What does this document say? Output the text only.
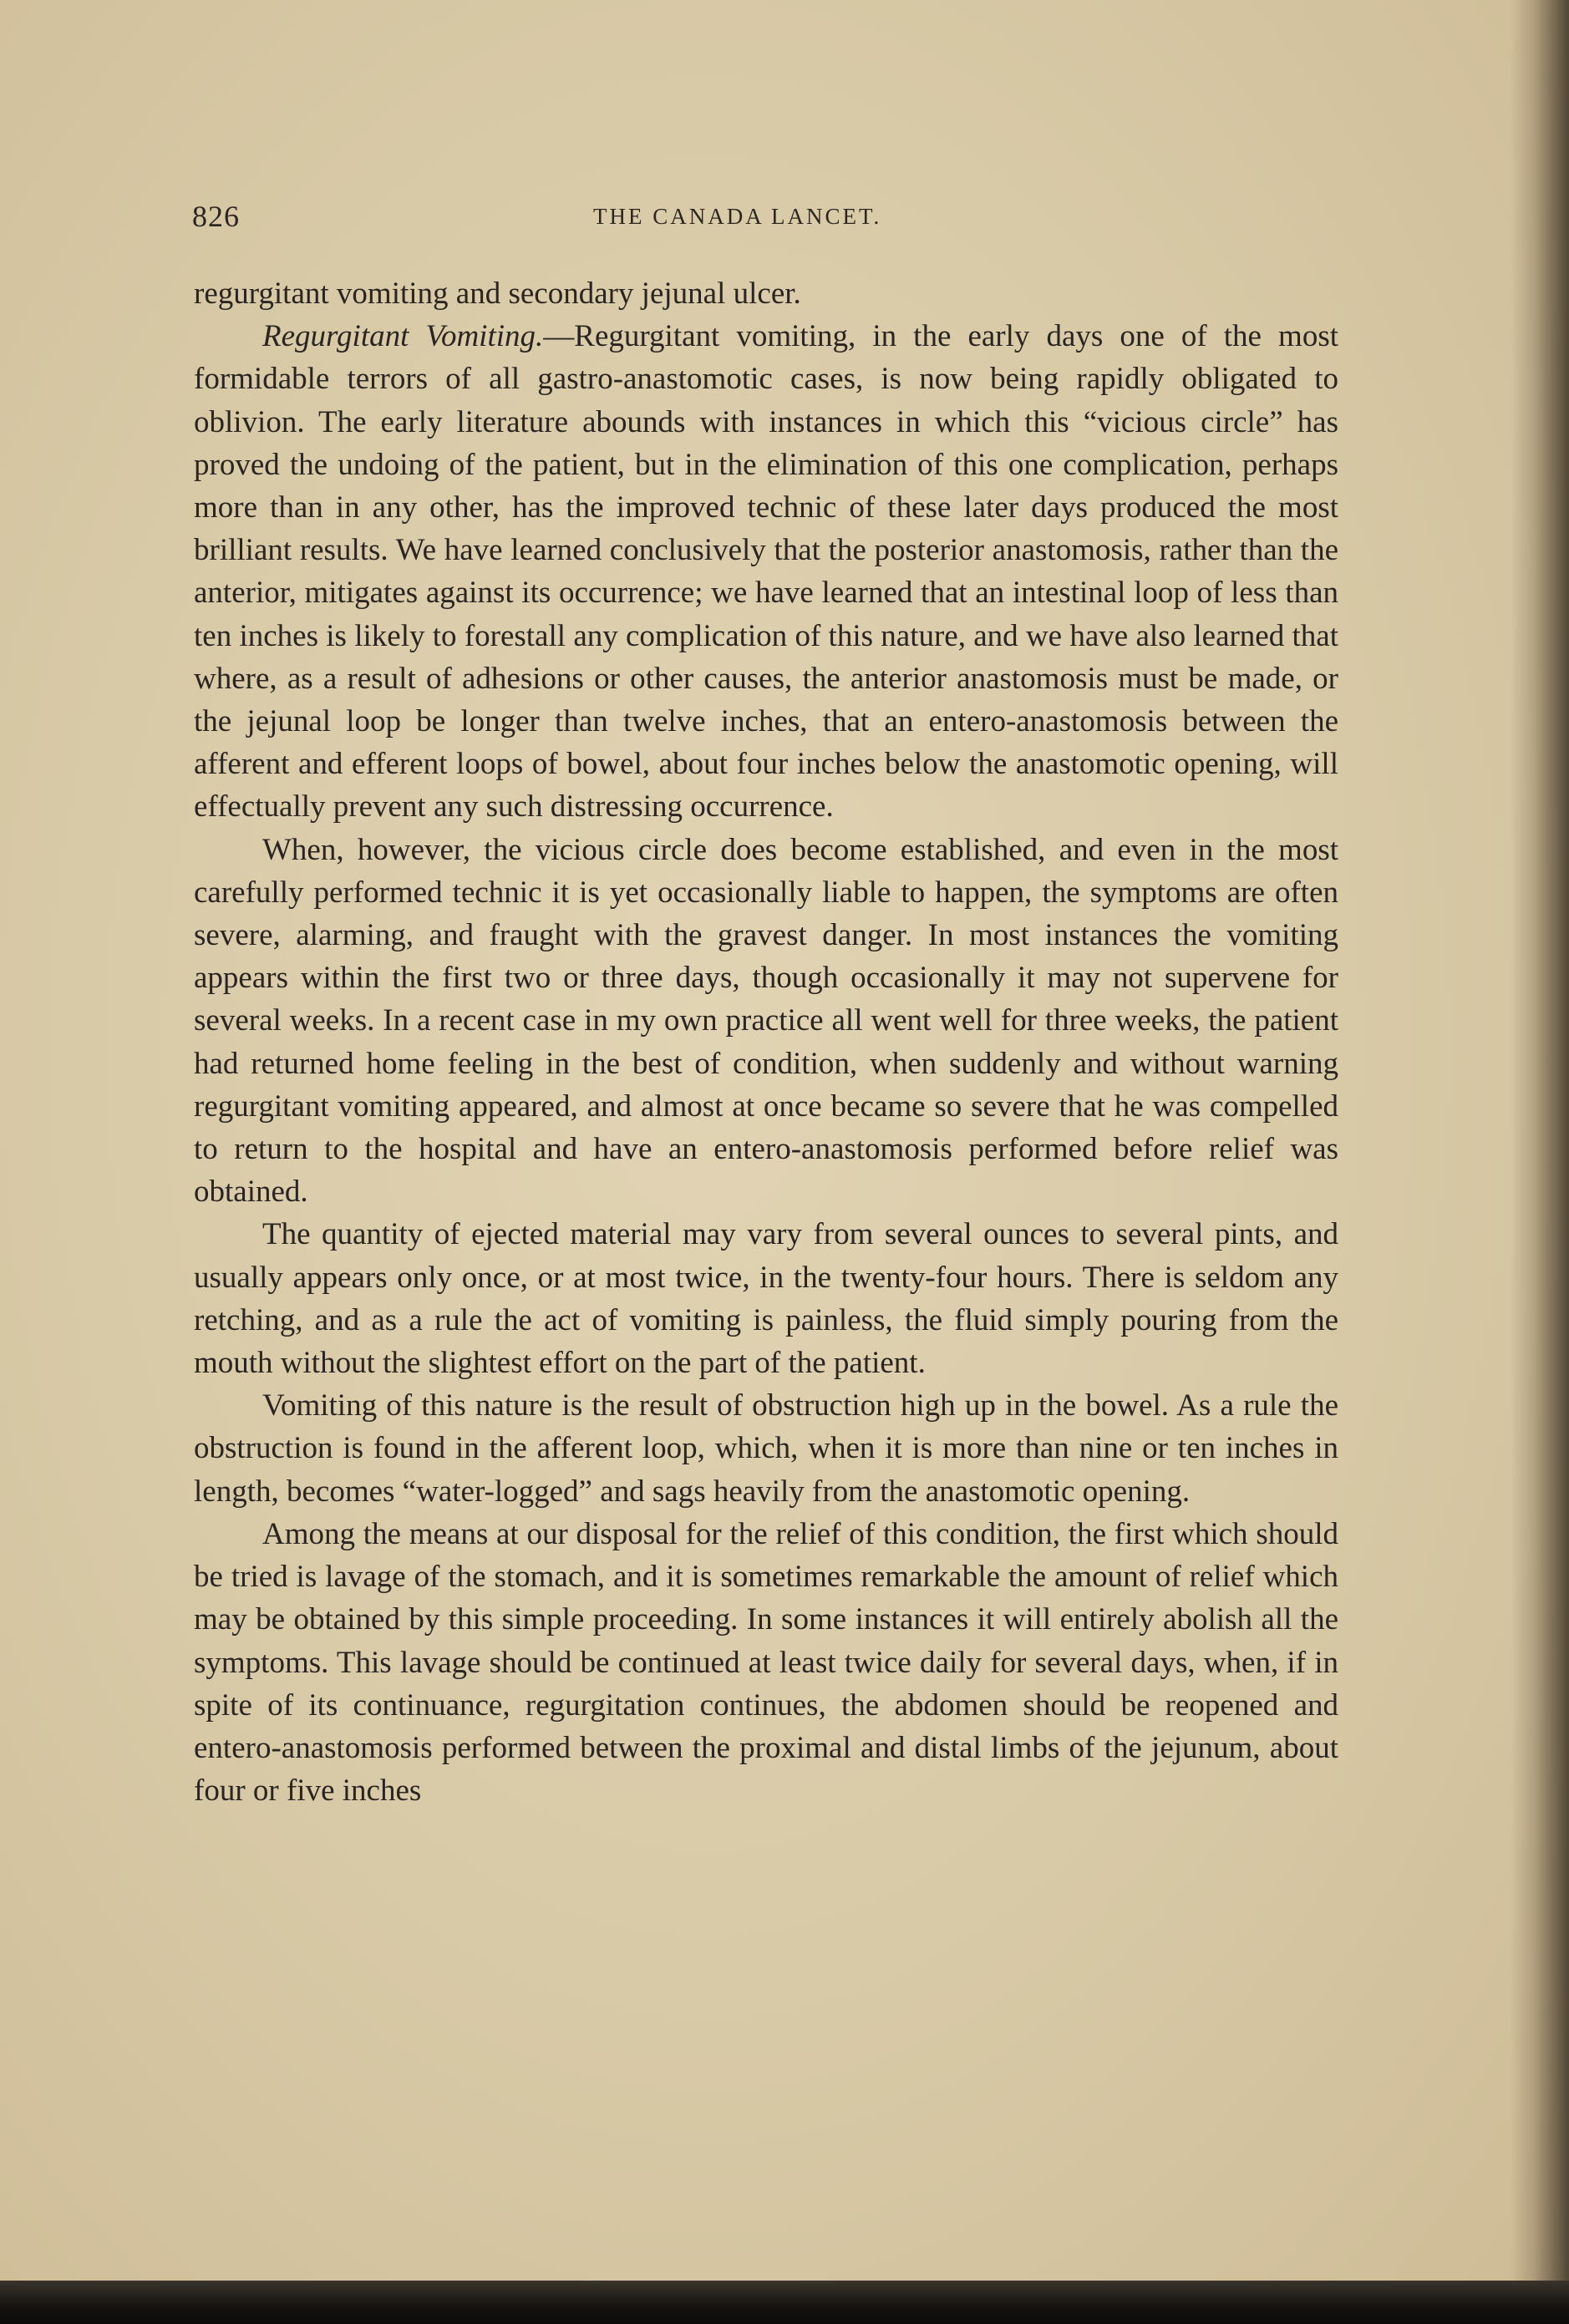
826	THE CANADA LANCET.

regurgitant vomiting and secondary jejunal ulcer.

Regurgitant Vomiting.—Regurgitant vomiting, in the early days one of the most formidable terrors of all gastro-anastomotic cases, is now being rapidly obligated to oblivion. The early literature abounds with instances in which this “vicious circle” has proved the undoing of the patient, but in the elimination of this one complication, perhaps more than in any other, has the improved technic of these later days produced the most brilliant results. We have learned conclusively that the posterior anastomosis, rather than the anterior, mitigates against its occurrence; we have learned that an intestinal loop of less than ten inches is likely to forestall any complication of this nature, and we have also learned that where, as a result of adhesions or other causes, the anterior anastomosis must be made, or the jejunal loop be longer than twelve inches, that an entero-anastomosis between the afferent and efferent loops of bowel, about four inches below the anastomotic opening, will effectually prevent any such distressing occurrence.

When, however, the vicious circle does become established, and even in the most carefully performed technic it is yet occasionally liable to happen, the symptoms are often severe, alarming, and fraught with the gravest danger. In most instances the vomiting appears within the first two or three days, though occasionally it may not supervene for several weeks. In a recent case in my own practice all went well for three weeks, the patient had returned home feeling in the best of condition, when suddenly and without warning regurgitant vomiting appeared, and almost at once became so severe that he was compelled to return to the hospital and have an entero-anastomosis performed before relief was obtained.

The quantity of ejected material may vary from several ounces to several pints, and usually appears only once, or at most twice, in the twenty-four hours. There is seldom any retching, and as a rule the act of vomiting is painless, the fluid simply pouring from the mouth without the slightest effort on the part of the patient.

Vomiting of this nature is the result of obstruction high up in the bowel. As a rule the obstruction is found in the afferent loop, which, when it is more than nine or ten inches in length, becomes “water-logged” and sags heavily from the anastomotic opening.

Among the means at our disposal for the relief of this condition, the first which should be tried is lavage of the stomach, and it is sometimes remarkable the amount of relief which may be obtained by this simple proceeding. In some instances it will entirely abolish all the symptoms. This lavage should be continued at least twice daily for several days, when, if in spite of its continuance, regurgitation continues, the abdomen should be reopened and entero-anastomosis performed between the proximal and distal limbs of the jejunum, about four or five inches
